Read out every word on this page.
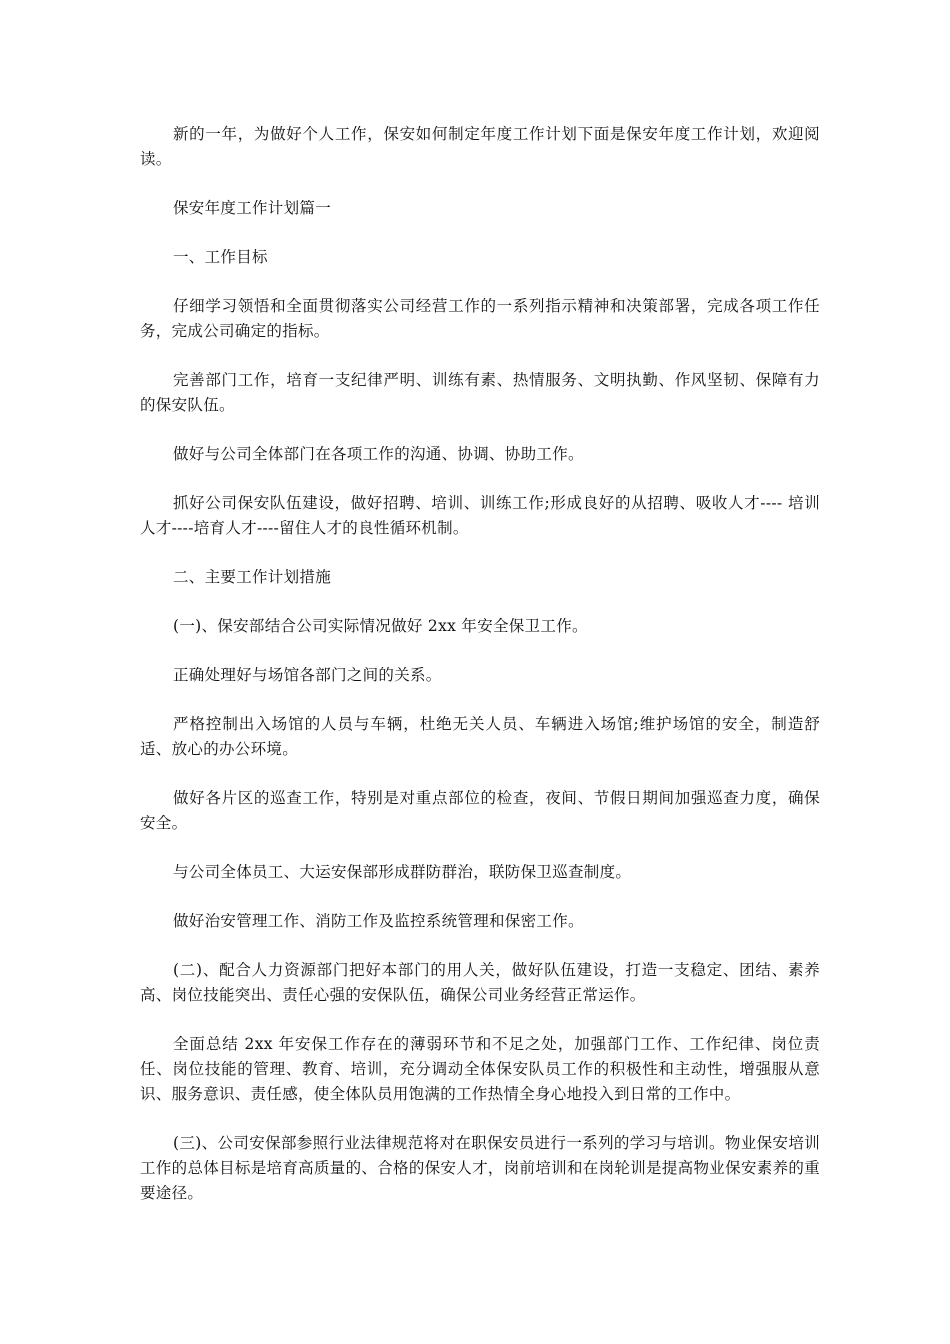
新的一年，为做好个人工作，保安如何制定年度工作计划下面是保安年度工作计划，欢迎阅读。

保安年度工作计划篇一

一、工作目标

仔细学习领悟和全面贯彻落实公司经营工作的一系列指示精神和决策部署，完成各项工作任务，完成公司确定的指标。

完善部门工作，培育一支纪律严明、训练有素、热情服务、文明执勤、作风坚韧、保障有力的保安队伍。

做好与公司全体部门在各项工作的沟通、协调、协助工作。

抓好公司保安队伍建设，做好招聘、培训、训练工作;形成良好的从招聘、吸收人才---- 培训人才----培育人才----留住人才的良性循环机制。

二、主要工作计划措施

(一)、保安部结合公司实际情况做好 2xx 年安全保卫工作。

正确处理好与场馆各部门之间的关系。

严格控制出入场馆的人员与车辆，杜绝无关人员、车辆进入场馆;维护场馆的安全，制造舒适、放心的办公环境。

做好各片区的巡查工作，特别是对重点部位的检查，夜间、节假日期间加强巡查力度，确保安全。

与公司全体员工、大运安保部形成群防群治，联防保卫巡查制度。

做好治安管理工作、消防工作及监控系统管理和保密工作。

(二)、配合人力资源部门把好本部门的用人关，做好队伍建设，打造一支稳定、团结、素养高、岗位技能突出、责任心强的安保队伍，确保公司业务经营正常运作。

全面总结 2xx 年安保工作存在的薄弱环节和不足之处，加强部门工作、工作纪律、岗位责任、岗位技能的管理、教育、培训，充分调动全体保安队员工作的积极性和主动性，增强服从意识、服务意识、责任感，使全体队员用饱满的工作热情全身心地投入到日常的工作中。

(三)、公司安保部参照行业法律规范将对在职保安员进行一系列的学习与培训。物业保安培训工作的总体目标是培育高质量的、合格的保安人才，岗前培训和在岗轮训是提高物业保安素养的重要途径。
